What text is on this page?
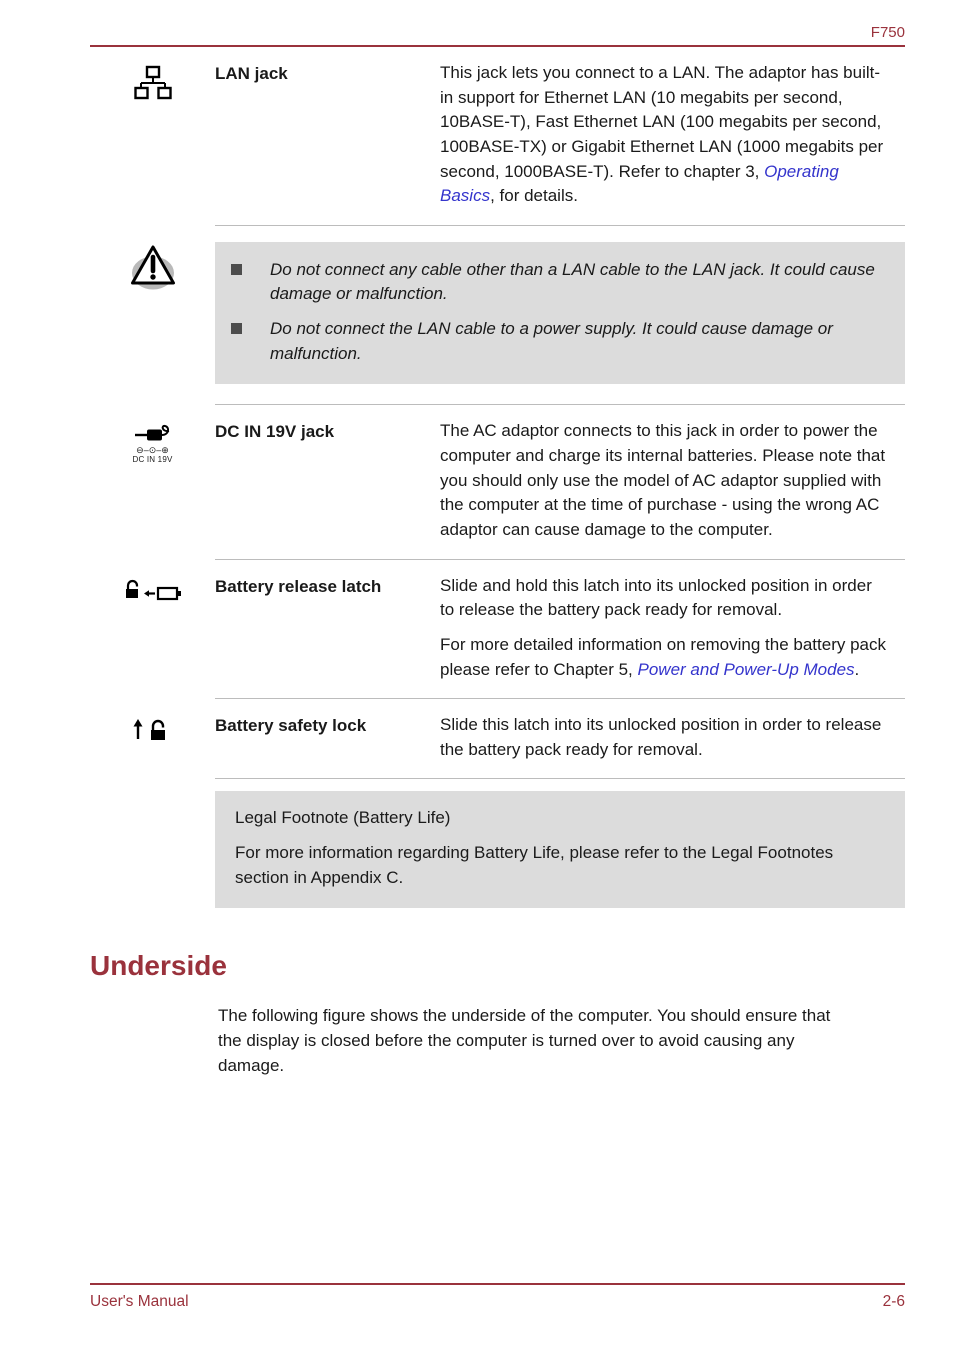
F750
LAN jack	This jack lets you connect to a LAN. The adaptor has built-in support for Ethernet LAN (10 megabits per second, 10BASE-T), Fast Ethernet LAN (100 megabits per second, 100BASE-TX) or Gigabit Ethernet LAN (1000 megabits per second, 1000BASE-T). Refer to chapter 3, Operating Basics, for details.

Do not connect any cable other than a LAN cable to the LAN jack. It could cause damage or malfunction.
Do not connect the LAN cable to a power supply. It could cause damage or malfunction.
⊖–⊙–⊕
DC IN 19V
DC IN 19V jack	The AC adaptor connects to this jack in order to power the computer and charge its internal batteries. Please note that you should only use the model of AC adaptor supplied with the computer at the time of purchase - using the wrong AC adaptor can cause damage to the computer.

Battery release latch	Slide and hold this latch into its unlocked position in order to release the battery pack ready for removal.

For more detailed information on removing the battery pack please refer to Chapter 5, Power and Power-Up Modes.

Battery safety lock	Slide this latch into its unlocked position in order to release the battery pack ready for removal.

Legal Footnote (Battery Life)
For more information regarding Battery Life, please refer to the Legal Footnotes section in Appendix C.
Underside

The following figure shows the underside of the computer. You should ensure that the display is closed before the computer is turned over to avoid causing any damage.

User's Manual	2-6
